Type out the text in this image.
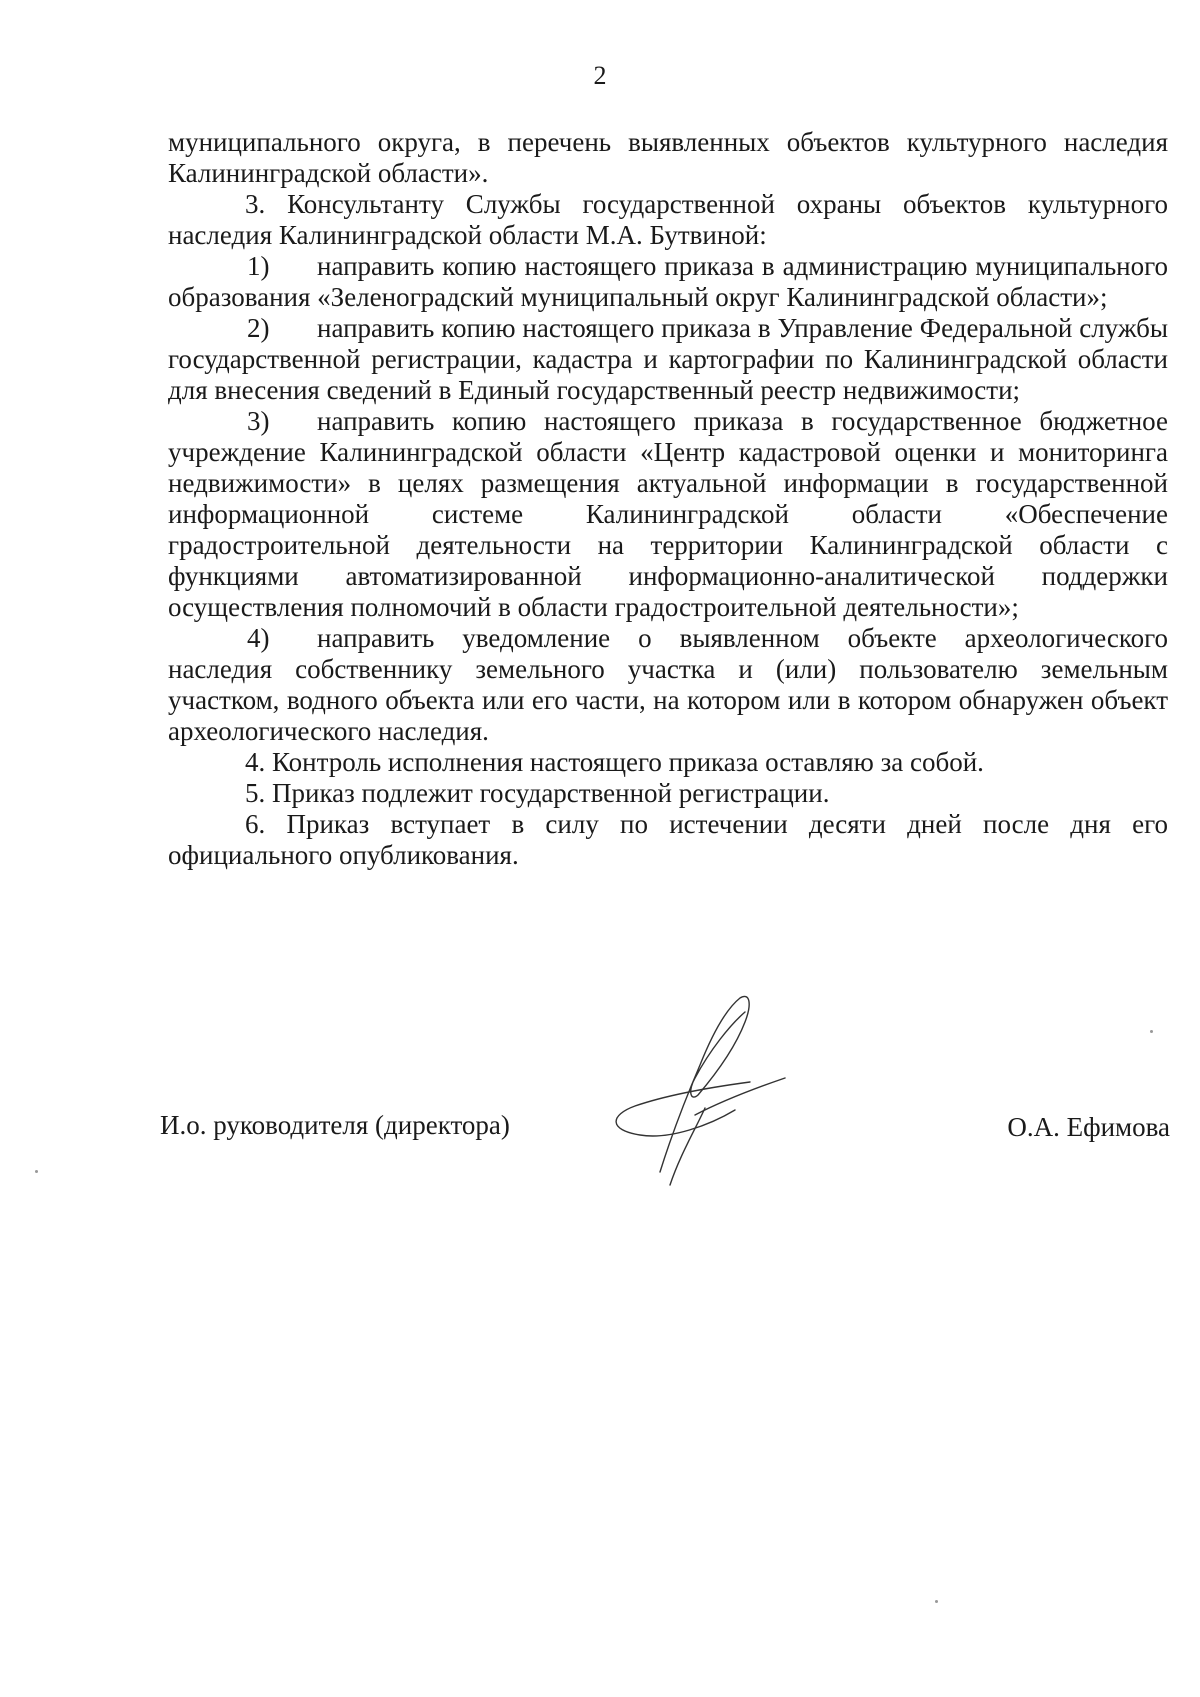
2

муниципального округа, в перечень выявленных объектов культурного наследия Калининградской области».

3. Консультанту Службы государственной охраны объектов культурного наследия Калининградской области М.А. Бутвиной:

1) направить копию настоящего приказа в администрацию муниципального образования «Зеленоградский муниципальный округ Калининградской области»;

2) направить копию настоящего приказа в Управление Федеральной службы государственной регистрации, кадастра и картографии по Калининградской области для внесения сведений в Единый государственный реестр недвижимости;

3) направить копию настоящего приказа в государственное бюджетное учреждение Калининградской области «Центр кадастровой оценки и мониторинга недвижимости» в целях размещения актуальной информации в государственной информационной системе Калининградской области «Обеспечение градостроительной деятельности на территории Калининградской области с функциями автоматизированной информационно-аналитической поддержки осуществления полномочий в области градостроительной деятельности»;

4) направить уведомление о выявленном объекте археологического наследия собственнику земельного участка и (или) пользователю земельным участком, водного объекта или его части, на котором или в котором обнаружен объект археологического наследия.

4. Контроль исполнения настоящего приказа оставляю за собой.

5. Приказ подлежит государственной регистрации.

6. Приказ вступает в силу по истечении десяти дней после дня его официального опубликования.

И.о. руководителя (директора)	О.А. Ефимова
